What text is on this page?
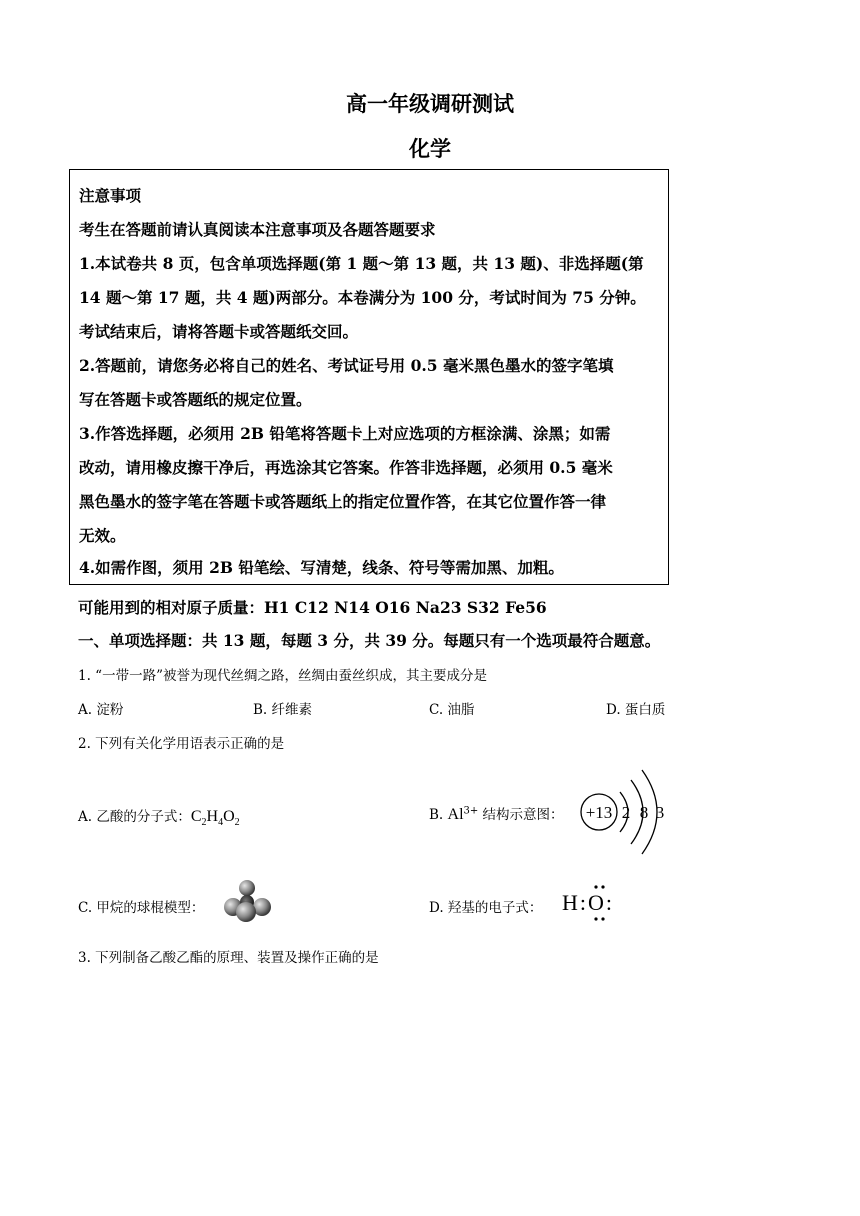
高一年级调研测试
化学
注意事项
考生在答题前请认真阅读本注意事项及各题答题要求
1.本试卷共 8 页，包含单项选择题(第 1 题～第 13 题，共 13 题)、非选择题(第
14 题～第 17 题，共 4 题)两部分。本卷满分为 100 分，考试时间为 75 分钟。
考试结束后，请将答题卡或答题纸交回。
2.答题前，请您务必将自己的姓名、考试证号用 0.5 毫米黑色墨水的签字笔填
写在答题卡或答题纸的规定位置。
3.作答选择题，必须用 2B 铅笔将答题卡上对应选项的方框涂满、涂黑；如需
改动，请用橡皮擦干净后，再选涂其它答案。作答非选择题，必须用 0.5 毫米
黑色墨水的签字笔在答题卡或答题纸上的指定位置作答，在其它位置作答一律
无效。
4.如需作图，须用 2B 铅笔绘、写清楚，线条、符号等需加黑、加粗。
可能用到的相对原子质量：H1 C12 N14 O16 Na23 S32 Fe56
一、单项选择题：共 13 题，每题 3 分，共 39 分。每题只有一个选项最符合题意。
1. “一带一路”被誉为现代丝绸之路，丝绸由蚕丝织成，其主要成分是
A. 淀粉	B. 纤维素	C. 油脂	D. 蛋白质
2. 下列有关化学用语表示正确的是
A. 乙酸的分子式：$C_2H_4O_2$	B. $Al^{3+}$ 结构示意图： +13 2 8 3
C. 甲烷的球棍模型：	D. 羟基的电子式： H:O:
3. 下列制备乙酸乙酯的原理、装置及操作正确的是
